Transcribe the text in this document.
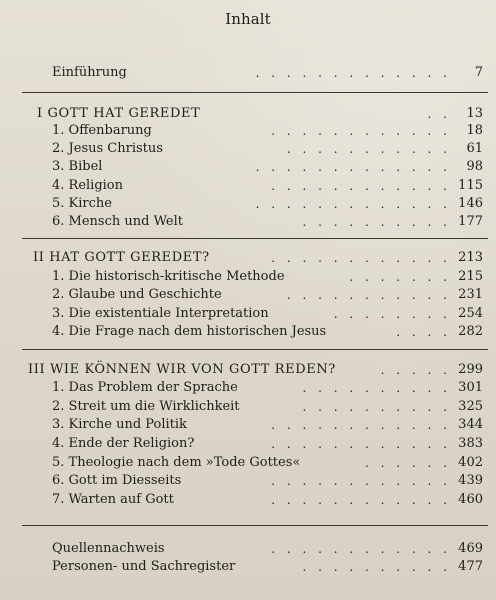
Inhalt
Einführung	. . . . . . . . . . . . .	7
I GOTT HAT GEREDET	. .	13
1. Offenbarung	. . . . . . . . . . . .	18
2. Jesus Christus	. . . . . . . . . . .	61
3. Bibel	. . . . . . . . . . . . .	98
4. Religion	. . . . . . . . . . . . 115
5. Kirche	. . . . . . . . . . . . . 146
6. Mensch und Welt	. . . . . . . . . . 177
II HAT GOTT GEREDET?	. . . . . . . . . . . . 213
1. Die historisch-kritische Methode	. . . . . . . 215
2. Glaube und Geschichte	. . . . . . . . . . . 231
3. Die existentiale Interpretation	. . . . . . . . 254
4. Die Frage nach dem historischen Jesus	. . . . 282
III WIE KÖNNEN WIR VON GOTT REDEN?	. . . . . 299
1. Das Problem der Sprache	. . . . . . . . . . 301
2. Streit um die Wirklichkeit	. . . . . . . . . . 325
3. Kirche und Politik	. . . . . . . . . . . . 344
4. Ende der Religion?	. . . . . . . . . . . . 383
5. Theologie nach dem »Tode Gottes«	. . . . . . 402
6. Gott im Diesseits	. . . . . . . . . . . . 439
7. Warten auf Gott	. . . . . . . . . . . . 460
Quellennachweis	. . . . . . . . . . . . 469
Personen- und Sachregister	. . . . . . . . . . 477
